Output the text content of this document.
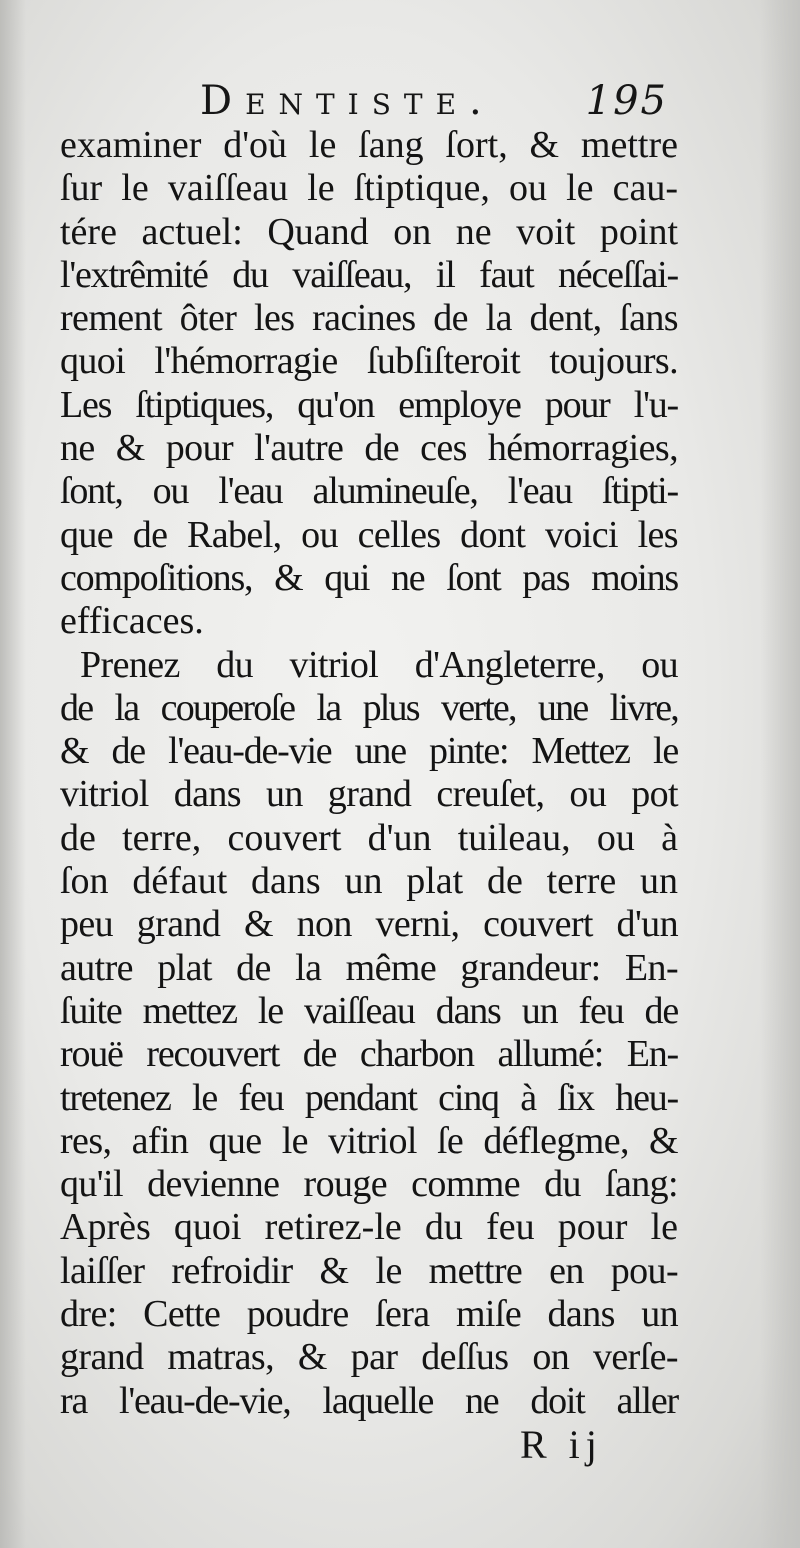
Dentiste. 195
examiner d'où le ſang ſort, & mettre
ſur le vaiſſeau le ſtiptique, ou le cau-
tére actuel: Quand on ne voit point
l'extrêmité du vaiſſeau, il faut néceſſai-
rement ôter les racines de la dent, ſans
quoi l'hémorragie ſubſiſteroit toujours.
Les ſtiptiques, qu'on employe pour l'u-
ne & pour l'autre de ces hémorragies,
ſont, ou l'eau alumineuſe, l'eau ſtipti-
que de Rabel, ou celles dont voici les
compoſitions, & qui ne ſont pas moins
efficaces.
Prenez du vitriol d'Angleterre, ou
de la couperoſe la plus verte, une livre,
& de l'eau-de-vie une pinte: Mettez le
vitriol dans un grand creuſet, ou pot
de terre, couvert d'un tuileau, ou à
ſon défaut dans un plat de terre un
peu grand & non verni, couvert d'un
autre plat de la même grandeur: En-
ſuite mettez le vaiſſeau dans un feu de
rouë recouvert de charbon allumé: En-
tretenez le feu pendant cinq à ſix heu-
res, afin que le vitriol ſe déflegme, &
qu'il devienne rouge comme du ſang:
Après quoi retirez-le du feu pour le
laiſſer refroidir & le mettre en pou-
dre: Cette poudre ſera miſe dans un
grand matras, & par deſſus on verſe-
ra l'eau-de-vie, laquelle ne doit aller
R ij
